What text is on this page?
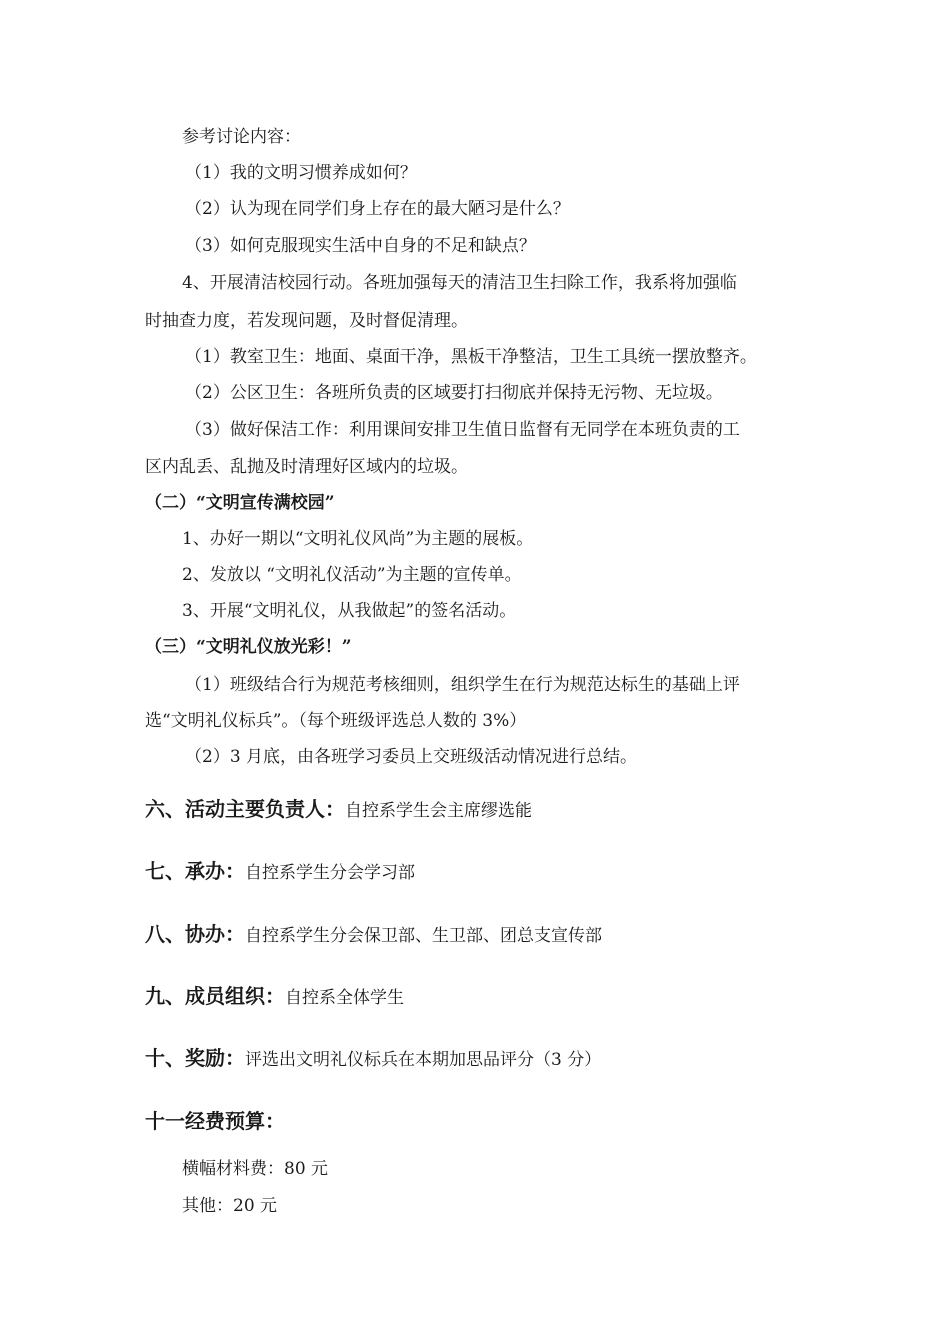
参考讨论内容：
（1）我的文明习惯养成如何？
（2）认为现在同学们身上存在的最大陋习是什么？
（3）如何克服现实生活中自身的不足和缺点？
4、开展清洁校园行动。各班加强每天的清洁卫生扫除工作，我系将加强临
时抽查力度，若发现问题，及时督促清理。
（1）教室卫生：地面、桌面干净，黑板干净整洁，卫生工具统一摆放整齐。
（2）公区卫生：各班所负责的区域要打扫彻底并保持无污物、无垃圾。
（3）做好保洁工作：利用课间安排卫生值日监督有无同学在本班负责的工
区内乱丢、乱抛及时清理好区域内的垃圾。
（二）“文明宣传满校园”
1、办好一期以“文明礼仪风尚”为主题的展板。
2、发放以 “文明礼仪活动”为主题的宣传单。
3、开展“文明礼仪，从我做起”的签名活动。
（三）“文明礼仪放光彩！”
（1）班级结合行为规范考核细则，组织学生在行为规范达标生的基础上评
选“文明礼仪标兵”。（每个班级评选总人数的 3%）
（2）3 月底，由各班学习委员上交班级活动情况进行总结。
六、活动主要负责人：自控系学生会主席缪选能
七、承办：自控系学生分会学习部
八、协办：自控系学生分会保卫部、生卫部、团总支宣传部
九、成员组织：自控系全体学生
十、奖励：评选出文明礼仪标兵在本期加思品评分（3 分）
十一经费预算：
横幅材料费：80 元
其他：20 元
